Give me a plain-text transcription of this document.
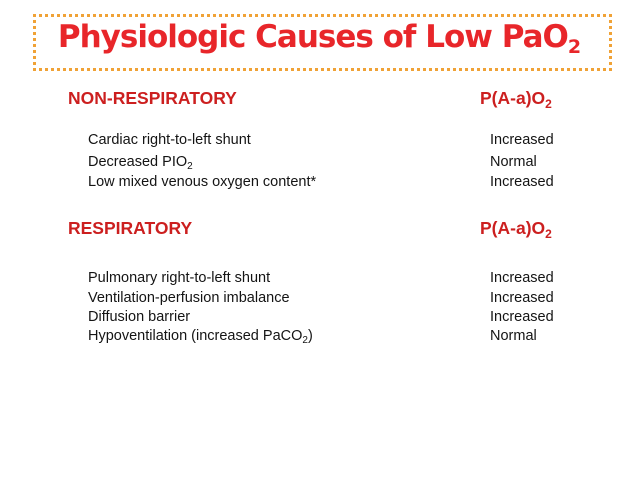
Physiologic Causes of Low PaO$_2$
NON-RESPIRATORY	$P(A-a)O_2$
Cardiac right-to-left shunt	Increased
Decreased $PIO_2$	Normal
Low mixed venous oxygen content*	Increased
RESPIRATORY	$P(A-a)O_2$
Pulmonary right-to-left shunt	Increased
Ventilation-perfusion imbalance	Increased
Diffusion barrier	Increased
Hypoventilation (increased PaCO$_2$)	Normal
